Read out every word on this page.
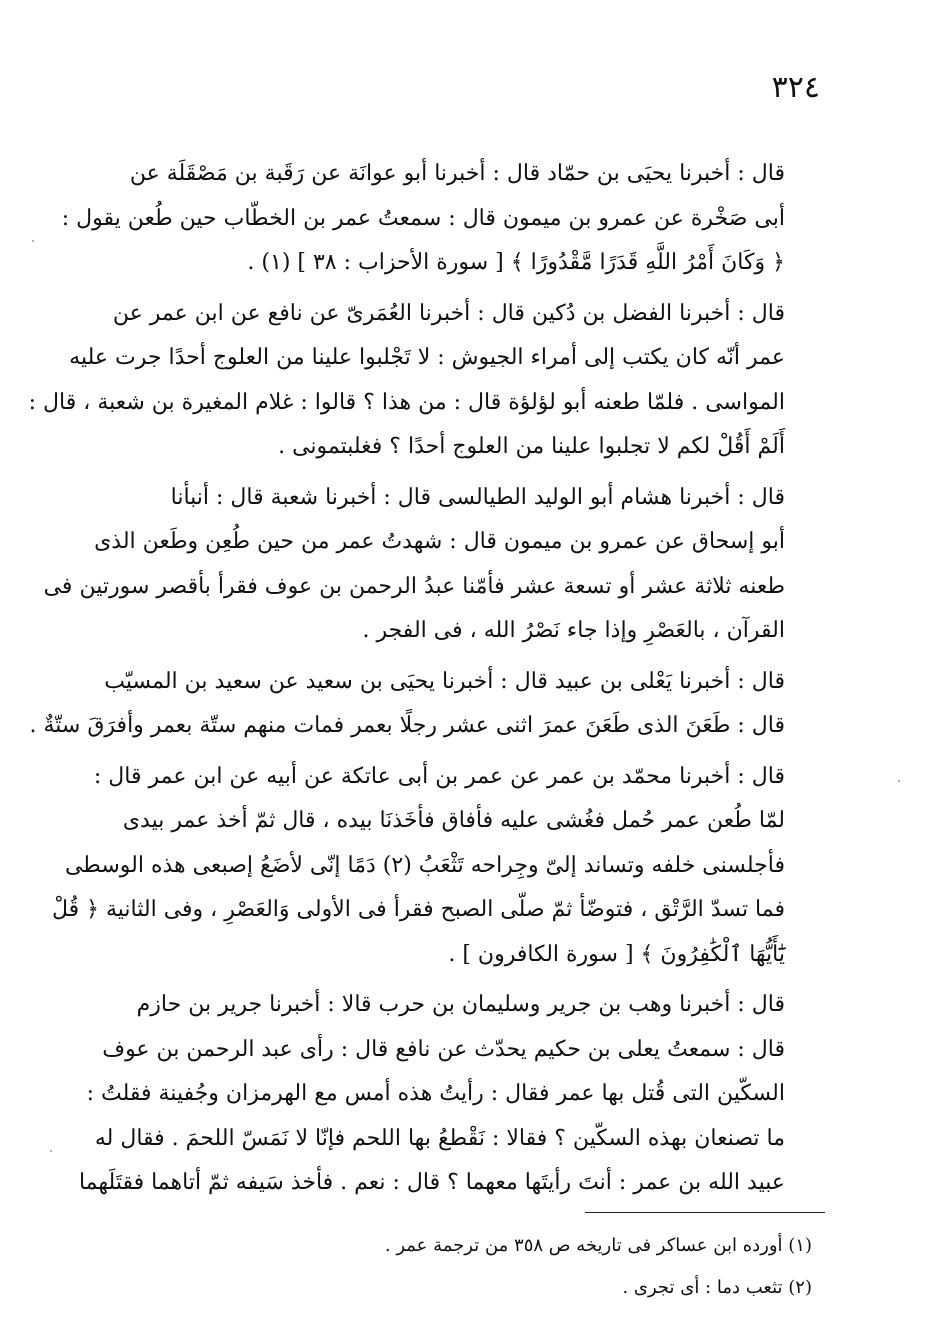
٣٢٤

قال : أخبرنا يحيَى بن حمّاد قال : أخبرنا أبو عوانَة عن رَقَبة بن مَصْقَلَة عن
أبى صَخْرة عن عمرو بن ميمون قال : سمعتُ عمر بن الخطّاب حين طُعن يقول :
﴿ وَكَانَ أَمْرُ اللَّهِ قَدَرًا مَّقْدُورًا ﴾ [ سورة الأحزاب : ٣٨ ] (١) .

قال : أخبرنا الفضل بن دُكين قال : أخبرنا العُمَرىّ عن نافع عن ابن عمر عن
عمر أنّه كان يكتب إلى أمراء الجيوش : لا تَجْلبوا علينا من العلوج أحدًا جرت عليه
المواسى . فلمّا طعنه أبو لؤلؤة قال : من هذا ؟ قالوا : غلام المغيرة بن شعبة ، قال :
أَلَمْ أَقُلْ لكم لا تجلبوا علينا من العلوج أحدًا ؟ فغلبتمونى .

قال : أخبرنا هشام أبو الوليد الطيالسى قال : أخبرنا شعبة قال : أنبأنا
أبو إسحاق عن عمرو بن ميمون قال : شهدتُ عمر من حين طُعِن وطَعن الذى
طعنه ثلاثة عشر أو تسعة عشر فأمّنا عبدُ الرحمن بن عوف فقرأ بأقصر سورتين فى
القرآن ، بالعَصْرِ وإذا جاء نَصْرُ الله ، فى الفجر .

قال : أخبرنا يَعْلى بن عبيد قال : أخبرنا يحيَى بن سعيد عن سعيد بن المسيّب
قال : طَعَنَ الذى طَعَنَ عمرَ اثنى عشر رجلًا بعمر فمات منهم ستّة بعمر وأفرَقَ ستّةٌ .

قال : أخبرنا محمّد بن عمر عن عمر بن أبى عاتكة عن أبيه عن ابن عمر قال :
لمّا طُعن عمر حُمل فغُشى عليه فأفاق فأخَذنَا بيده ، قال ثمّ أخذ عمر بيدى
فأجلسنى خلفه وتساند إلىّ وجِراحه تَثْعَبُ (٢) دَمًا إنّى لأضَعُ إصبعى هذه الوسطى
فما تسدّ الرَّتْق ، فتوضّأ ثمّ صلّى الصبح فقرأ فى الأولى وَالعَصْرِ ، وفى الثانية ﴿ قُلْ
يَٰٓأَيُّهَا ٱلْكَٰفِرُونَ ﴾ [ سورة الكافرون ] .

قال : أخبرنا وهب بن جرير وسليمان بن حرب قالا : أخبرنا جرير بن حازم
قال : سمعتُ يعلى بن حكيم يحدّث عن نافع قال : رأى عبد الرحمن بن عوف
السكّين التى قُتل بها عمر فقال : رأيتُ هذه أمس مع الهرمزان وجُفينة فقلتُ :
ما تصنعان بهذه السكّين ؟ فقالا : نَقْطعُ بها اللحم فإنّا لا نَمَسّ اللحمَ . فقال له
عبيد الله بن عمر : أنتَ رأيتَها معهما ؟ قال : نعم . فأخذ سَيفه ثمّ أتاهما فقتَلَهما

(١) أورده ابن عساكر فى تاريخه ص ٣٥٨ من ترجمة عمر .
(٢) تثعب دما : أى تجرى .
